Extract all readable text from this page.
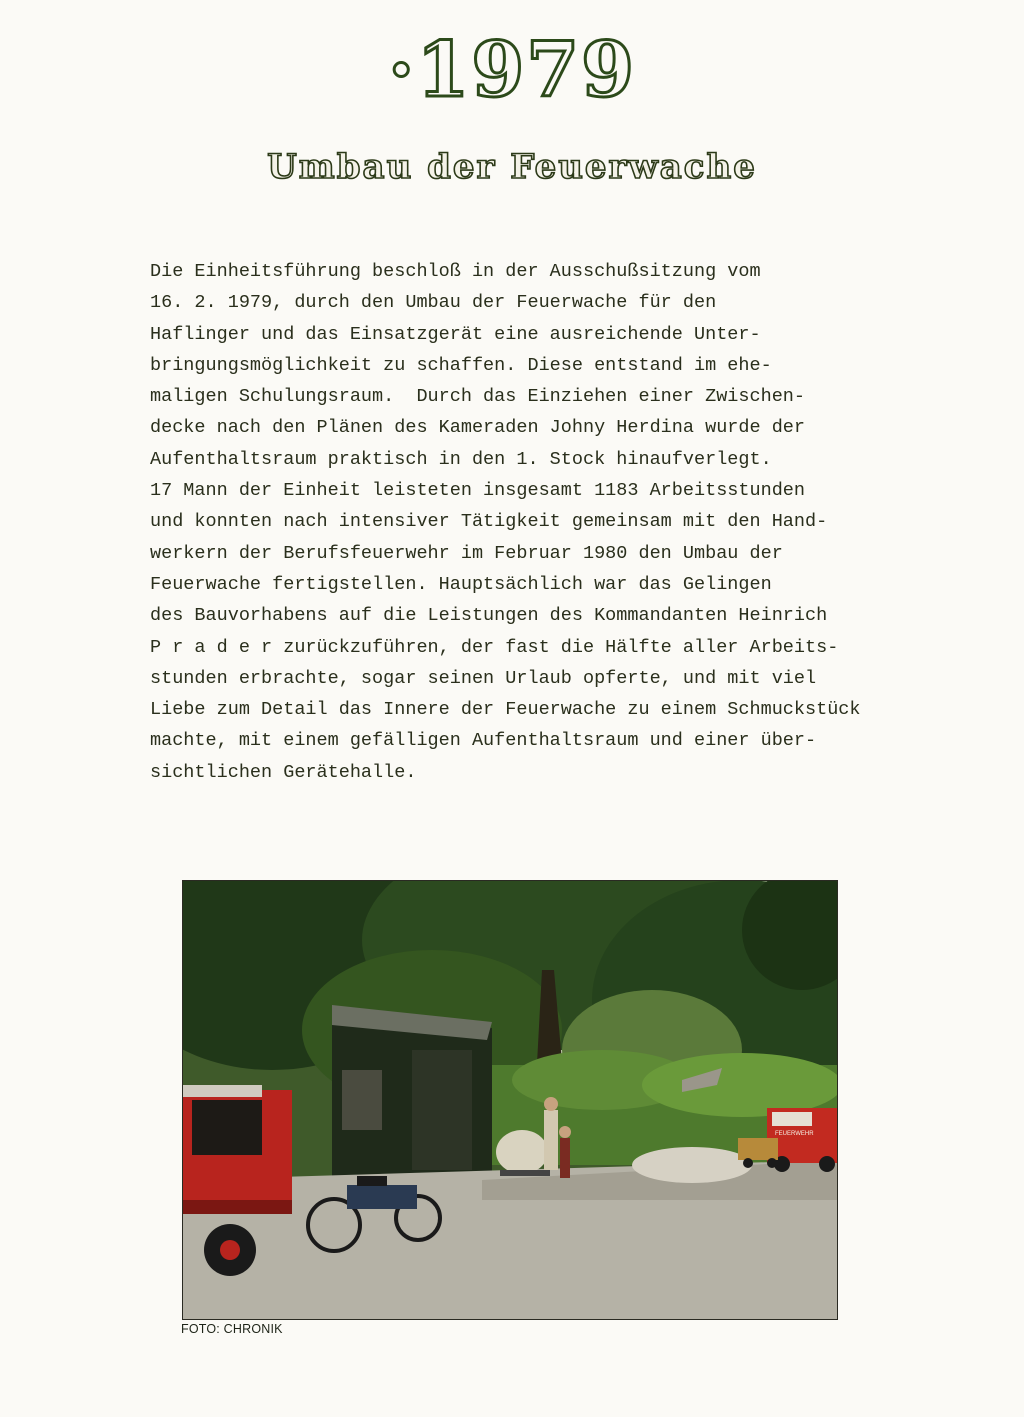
·1979
Umbau der Feuerwache
Die Einheitsführung beschloß in der Ausschußsitzung vom
16. 2. 1979, durch den Umbau der Feuerwache für den
Haflinger und das Einsatzgerät eine ausreichende Unter-
bringungsmöglichkeit zu schaffen. Diese entstand im ehe-
maligen Schulungsraum.  Durch das Einziehen einer Zwischen-
decke nach den Plänen des Kameraden Johny Herdina wurde der
Aufenthaltsraum praktisch in den 1. Stock hinaufverlegt.
17 Mann der Einheit leisteten insgesamt 1183 Arbeitsstunden
und konnten nach intensiver Tätigkeit gemeinsam mit den Hand-
werkern der Berufsfeuerwehr im Februar 1980 den Umbau der
Feuerwache fertigstellen. Hauptsächlich war das Gelingen
des Bauvorhabens auf die Leistungen des Kommandanten Heinrich
P r a d e r zurückzuführen, der fast die Hälfte aller Arbeits-
stunden erbrachte, sogar seinen Urlaub opferte, und mit viel
Liebe zum Detail das Innere der Feuerwache zu einem Schmuckstück
machte, mit einem gefälligen Aufenthaltsraum und einer über-
sichtlichen Gerätehalle.
FEUERWEHR
FOTO: CHRONIK
